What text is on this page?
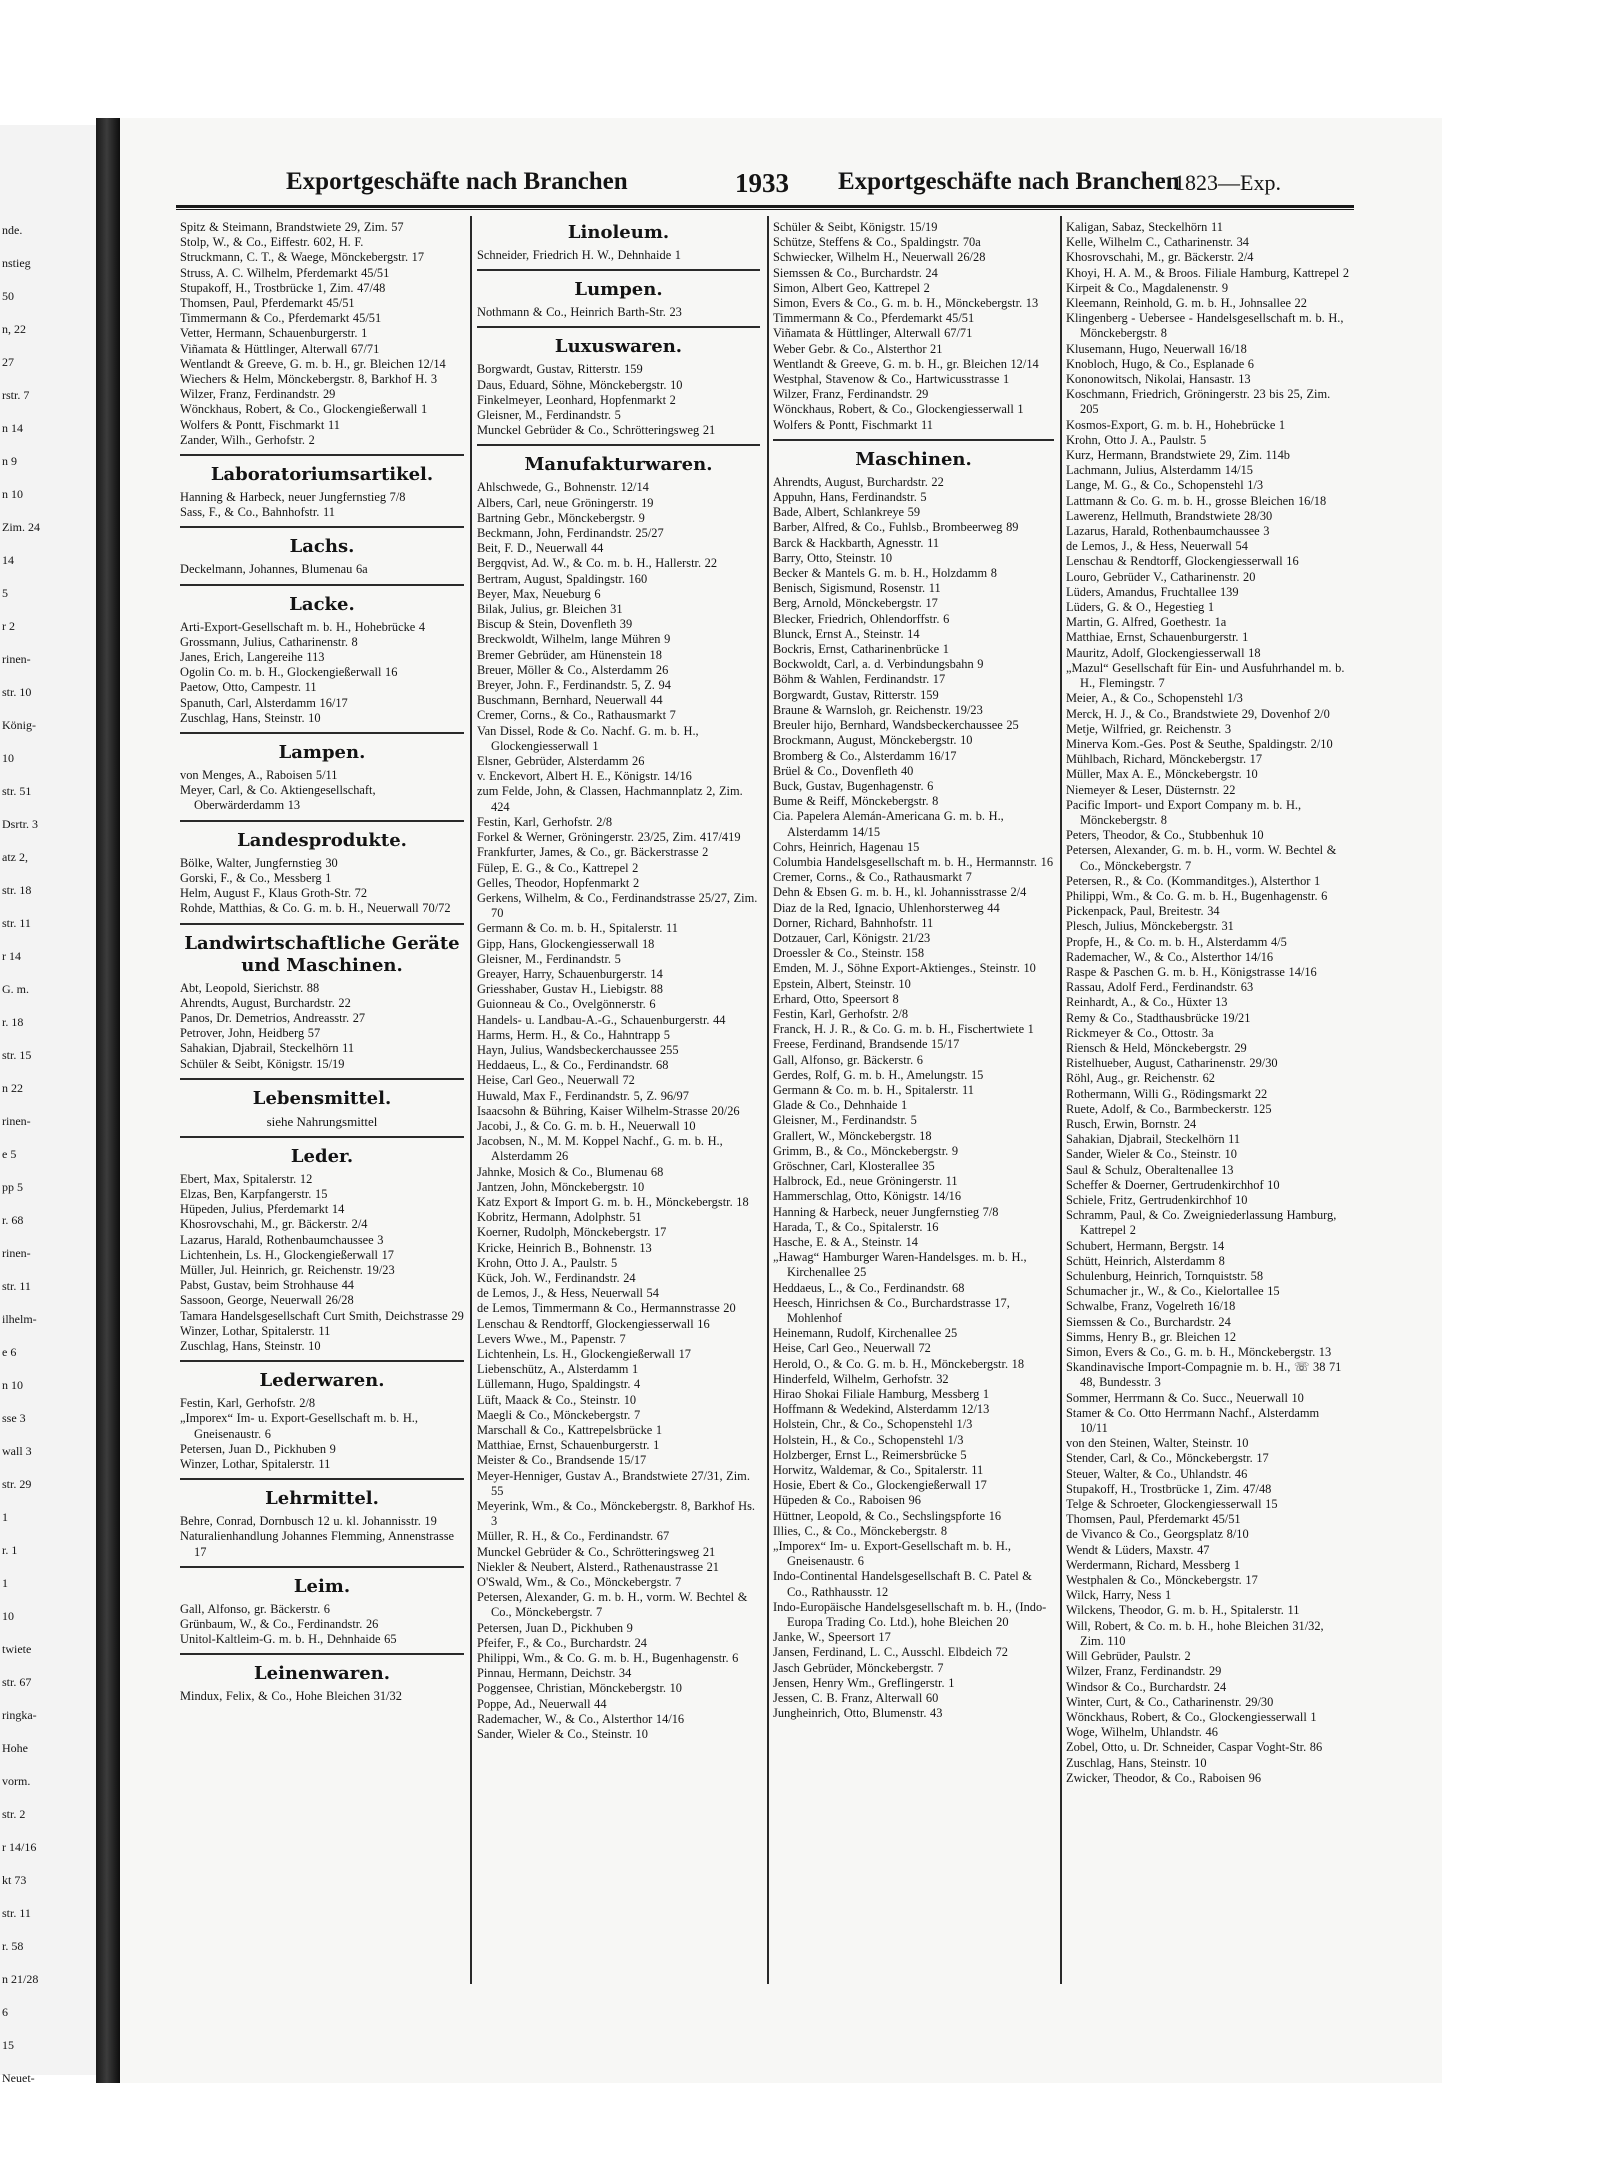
nde.
nstieg
50
n, 22
27
rstr. 7
n 14
n 9
n 10
Zim. 24
14
5
r 2
rinen-
str. 10
König-
10
str. 51
Dsrtr. 3
atz 2,
str. 18
str. 11
r 14
G. m.
r. 18
str. 15
n 22
rinen-
e 5
pp 5
r. 68
rinen-
str. 11
ilhelm-
e 6
n 10
sse 3
wall 3
str. 29
1
r. 1
1
10
twiete
str. 67
ringka-
Hohe
vorm.
str. 2
r 14/16
kt 73
str. 11
r. 58
n 21/28
6
15
Neuet-
Exportgeschäfte nach Branchen	1933 Exportgeschäfte nach Branchen
1823—Exp.
Spitz & Steimann, Brandstwiete 29, Zim. 57
Stolp, W., & Co., Eiffestr. 602, H. F.
Struckmann, C. T., & Waege, Mönckebergstr. 17
Struss, A. C. Wilhelm, Pferdemarkt 45/51
Stupakoff, H., Trostbrücke 1, Zim. 47/48
Thomsen, Paul, Pferdemarkt 45/51
Timmermann & Co., Pferdemarkt 45/51
Vetter, Hermann, Schauenburgerstr. 1
Viñamata & Hüttlinger, Alterwall 67/71
Wentlandt & Greeve, G. m. b. H., gr. Bleichen 12/14
Wiechers & Helm, Mönckebergstr. 8, Barkhof H. 3
Wilzer, Franz, Ferdinandstr. 29
Wönckhaus, Robert, & Co., Glockengießerwall 1
Wolfers & Pontt, Fischmarkt 11
Zander, Wilh., Gerhofstr. 2
Laboratoriumsartikel.
Hanning & Harbeck, neuer Jungfernstieg 7/8
Sass, F., & Co., Bahnhofstr. 11
Lachs.
Deckelmann, Johannes, Blumenau 6a
Lacke.
Arti-Export-Gesellschaft m. b. H., Hohebrücke 4
Grossmann, Julius, Catharinenstr. 8
Janes, Erich, Langereihe 113
Ogolin Co. m. b. H., Glockengießerwall 16
Paetow, Otto, Campestr. 11
Spanuth, Carl, Alsterdamm 16/17
Zuschlag, Hans, Steinstr. 10
Lampen.
von Menges, A., Raboisen 5/11
Meyer, Carl, & Co. Aktiengesellschaft, Oberwärderdamm 13
Landesprodukte.
Bölke, Walter, Jungfernstieg 30
Gorski, F., & Co., Messberg 1
Helm, August F., Klaus Groth-Str. 72
Rohde, Matthias, & Co. G. m. b. H., Neuerwall 70/72
Landwirtschaftliche Geräte und Maschinen.
Abt, Leopold, Sierichstr. 88
Ahrendts, August, Burchardstr. 22
Panos, Dr. Demetrios, Andreasstr. 27
Petrover, John, Heidberg 57
Sahakian, Djabrail, Steckelhörn 11
Schüler & Seibt, Königstr. 15/19
Lebensmittel.
siehe Nahrungsmittel
Leder.
Ebert, Max, Spitalerstr. 12
Elzas, Ben, Karpfangerstr. 15
Hüpeden, Julius, Pferdemarkt 14
Khosrovschahi, M., gr. Bäckerstr. 2/4
Lazarus, Harald, Rothenbaumchaussee 3
Lichtenhein, Ls. H., Glockengießerwall 17
Müller, Jul. Heinrich, gr. Reichenstr. 19/23
Pabst, Gustav, beim Strohhause 44
Sassoon, George, Neuerwall 26/28
Tamara Handelsgesellschaft Curt Smith, Deichstrasse 29
Winzer, Lothar, Spitalerstr. 11
Zuschlag, Hans, Steinstr. 10
Lederwaren.
Festin, Karl, Gerhofstr. 2/8
„Imporex“ Im- u. Export-Gesellschaft m. b. H., Gneisenaustr. 6
Petersen, Juan D., Pickhuben 9
Winzer, Lothar, Spitalerstr. 11
Lehrmittel.
Behre, Conrad, Dornbusch 12 u. kl. Johannisstr. 19
Naturalienhandlung Johannes Flemming, Annenstrasse 17
Leim.
Gall, Alfonso, gr. Bäckerstr. 6
Grünbaum, W., & Co., Ferdinandstr. 26
Unitol-Kaltleim-G. m. b. H., Dehnhaide 65
Leinenwaren.
Mindux, Felix, & Co., Hohe Bleichen 31/32
Linoleum.
Schneider, Friedrich H. W., Dehnhaide 1
Lumpen.
Nothmann & Co., Heinrich Barth-Str. 23
Luxuswaren.
Borgwardt, Gustav, Ritterstr. 159
Daus, Eduard, Söhne, Mönckebergstr. 10
Finkelmeyer, Leonhard, Hopfenmarkt 2
Gleisner, M., Ferdinandstr. 5
Munckel Gebrüder & Co., Schrötteringsweg 21
Manufakturwaren.
Ahlschwede, G., Bohnenstr. 12/14
Albers, Carl, neue Gröningerstr. 19
Bartning Gebr., Mönckebergstr. 9
Beckmann, John, Ferdinandstr. 25/27
Beit, F. D., Neuerwall 44
Bergqvist, Ad. W., & Co. m. b. H., Hallerstr. 22
Bertram, August, Spaldingstr. 160
Beyer, Max, Neueburg 6
Bilak, Julius, gr. Bleichen 31
Biscup & Stein, Dovenfleth 39
Breckwoldt, Wilhelm, lange Mühren 9
Bremer Gebrüder, am Hünenstein 18
Breuer, Möller & Co., Alsterdamm 26
Breyer, John. F., Ferdinandstr. 5, Z. 94
Buschmann, Bernhard, Neuerwall 44
Cremer, Corns., & Co., Rathausmarkt 7
Van Dissel, Rode & Co. Nachf. G. m. b. H., Glockengiesserwall 1
Elsner, Gebrüder, Alsterdamm 26
v. Enckevort, Albert H. E., Königstr. 14/16
zum Felde, John, & Classen, Hachmannplatz 2, Zim. 424
Festin, Karl, Gerhofstr. 2/8
Forkel & Werner, Gröningerstr. 23/25, Zim. 417/419
Frankfurter, James, & Co., gr. Bäckerstrasse 2
Fülep, E. G., & Co., Kattrepel 2
Gelles, Theodor, Hopfenmarkt 2
Gerkens, Wilhelm, & Co., Ferdinandstrasse 25/27, Zim. 70
Germann & Co. m. b. H., Spitalerstr. 11
Gipp, Hans, Glockengiesserwall 18
Gleisner, M., Ferdinandstr. 5
Greayer, Harry, Schauenburgerstr. 14
Griesshaber, Gustav H., Liebigstr. 88
Guionneau & Co., Ovelgönnerstr. 6
Handels- u. Landbau-A.-G., Schauenburgerstr. 44
Harms, Herm. H., & Co., Hahntrapp 5
Hayn, Julius, Wandsbeckerchaussee 255
Heddaeus, L., & Co., Ferdinandstr. 68
Heise, Carl Geo., Neuerwall 72
Huwald, Max F., Ferdinandstr. 5, Z. 96/97
Isaacsohn & Bühring, Kaiser Wilhelm-Strasse 20/26
Jacobi, J., & Co. G. m. b. H., Neuerwall 10
Jacobsen, N., M. M. Koppel Nachf., G. m. b. H., Alsterdamm 26
Jahnke, Mosich & Co., Blumenau 68
Jantzen, John, Mönckebergstr. 10
Katz Export & Import G. m. b. H., Mönckebergstr. 18
Kobritz, Hermann, Adolphstr. 51
Koerner, Rudolph, Mönckebergstr. 17
Kricke, Heinrich B., Bohnenstr. 13
Krohn, Otto J. A., Paulstr. 5
Kück, Joh. W., Ferdinandstr. 24
de Lemos, J., & Hess, Neuerwall 54
de Lemos, Timmermann & Co., Hermannstrasse 20
Lenschau & Rendtorff, Glockengiesserwall 16
Levers Wwe., M., Papenstr. 7
Lichtenhein, Ls. H., Glockengießerwall 17
Liebenschütz, A., Alsterdamm 1
Lüllemann, Hugo, Spaldingstr. 4
Lüft, Maack & Co., Steinstr. 10
Maegli & Co., Mönckebergstr. 7
Marschall & Co., Kattrepelsbrücke 1
Matthiae, Ernst, Schauenburgerstr. 1
Meister & Co., Brandsende 15/17
Meyer-Henniger, Gustav A., Brandstwiete 27/31, Zim. 55
Meyerink, Wm., & Co., Mönckebergstr. 8, Barkhof Hs. 3
Müller, R. H., & Co., Ferdinandstr. 67
Munckel Gebrüder & Co., Schrötteringsweg 21
Niekler & Neubert, Alsterd., Rathenaustrasse 21
O'Swald, Wm., & Co., Mönckebergstr. 7
Petersen, Alexander, G. m. b. H., vorm. W. Bechtel & Co., Mönckebergstr. 7
Petersen, Juan D., Pickhuben 9
Pfeifer, F., & Co., Burchardstr. 24
Philippi, Wm., & Co. G. m. b. H., Bugenhagenstr. 6
Pinnau, Hermann, Deichstr. 34
Poggensee, Christian, Mönckebergstr. 10
Poppe, Ad., Neuerwall 44
Rademacher, W., & Co., Alsterthor 14/16
Sander, Wieler & Co., Steinstr. 10
Schüler & Seibt, Königstr. 15/19
Schütze, Steffens & Co., Spaldingstr. 70a
Schwiecker, Wilhelm H., Neuerwall 26/28
Siemssen & Co., Burchardstr. 24
Simon, Albert Geo, Kattrepel 2
Simon, Evers & Co., G. m. b. H., Mönckebergstr. 13
Timmermann & Co., Pferdemarkt 45/51
Viñamata & Hüttlinger, Alterwall 67/71
Weber Gebr. & Co., Alsterthor 21
Wentlandt & Greeve, G. m. b. H., gr. Bleichen 12/14
Westphal, Stavenow & Co., Hartwicusstrasse 1
Wilzer, Franz, Ferdinandstr. 29
Wönckhaus, Robert, & Co., Glockengiesserwall 1
Wolfers & Pontt, Fischmarkt 11
Maschinen.
Ahrendts, August, Burchardstr. 22
Appuhn, Hans, Ferdinandstr. 5
Bade, Albert, Schlankreye 59
Barber, Alfred, & Co., Fuhlsb., Brombeerweg 89
Barck & Hackbarth, Agnesstr. 11
Barry, Otto, Steinstr. 10
Becker & Mantels G. m. b. H., Holzdamm 8
Benisch, Sigismund, Rosenstr. 11
Berg, Arnold, Mönckebergstr. 17
Blecker, Friedrich, Ohlendorffstr. 6
Blunck, Ernst A., Steinstr. 14
Bockris, Ernst, Catharinenbrücke 1
Bockwoldt, Carl, a. d. Verbindungsbahn 9
Böhm & Wahlen, Ferdinandstr. 17
Borgwardt, Gustav, Ritterstr. 159
Braune & Warnsloh, gr. Reichenstr. 19/23
Breuler hijo, Bernhard, Wandsbeckerchaussee 25
Brockmann, August, Mönckebergstr. 10
Bromberg & Co., Alsterdamm 16/17
Brüel & Co., Dovenfleth 40
Buck, Gustav, Bugenhagenstr. 6
Bume & Reiff, Mönckebergstr. 8
Cia. Papelera Alemán-Americana G. m. b. H., Alsterdamm 14/15
Cohrs, Heinrich, Hagenau 15
Columbia Handelsgesellschaft m. b. H., Hermannstr. 16
Cremer, Corns., & Co., Rathausmarkt 7
Dehn & Ebsen G. m. b. H., kl. Johannisstrasse 2/4
Diaz de la Red, Ignacio, Uhlenhorsterweg 44
Dorner, Richard, Bahnhofstr. 11
Dotzauer, Carl, Königstr. 21/23
Droessler & Co., Steinstr. 158
Emden, M. J., Söhne Export-Aktienges., Steinstr. 10
Epstein, Albert, Steinstr. 10
Erhard, Otto, Speersort 8
Festin, Karl, Gerhofstr. 2/8
Franck, H. J. R., & Co. G. m. b. H., Fischertwiete 1
Freese, Ferdinand, Brandsende 15/17
Gall, Alfonso, gr. Bäckerstr. 6
Gerdes, Rolf, G. m. b. H., Amelungstr. 15
Germann & Co. m. b. H., Spitalerstr. 11
Glade & Co., Dehnhaide 1
Gleisner, M., Ferdinandstr. 5
Grallert, W., Mönckebergstr. 18
Grimm, B., & Co., Mönckebergstr. 9
Gröschner, Carl, Klosterallee 35
Halbrock, Ed., neue Gröningerstr. 11
Hammerschlag, Otto, Königstr. 14/16
Hanning & Harbeck, neuer Jungfernstieg 7/8
Harada, T., & Co., Spitalerstr. 16
Hasche, E. & A., Steinstr. 14
„Hawag“ Hamburger Waren-Handelsges. m. b. H., Kirchenallee 25
Heddaeus, L., & Co., Ferdinandstr. 68
Heesch, Hinrichsen & Co., Burchardstrasse 17, Mohlenhof
Heinemann, Rudolf, Kirchenallee 25
Heise, Carl Geo., Neuerwall 72
Herold, O., & Co. G. m. b. H., Mönckebergstr. 18
Hinderfeld, Wilhelm, Gerhofstr. 32
Hirao Shokai Filiale Hamburg, Messberg 1
Hoffmann & Wedekind, Alsterdamm 12/13
Holstein, Chr., & Co., Schopenstehl 1/3
Holstein, H., & Co., Schopenstehl 1/3
Holzberger, Ernst L., Reimersbrücke 5
Horwitz, Waldemar, & Co., Spitalerstr. 11
Hosie, Ebert & Co., Glockengießerwall 17
Hüpeden & Co., Raboisen 96
Hüttner, Leopold, & Co., Sechslingspforte 16
Illies, C., & Co., Mönckebergstr. 8
„Imporex“ Im- u. Export-Gesellschaft m. b. H., Gneisenaustr. 6
Indo-Continental Handelsgesellschaft B. C. Patel & Co., Rathhausstr. 12
Indo-Europäische Handelsgesellschaft m. b. H., (Indo-Europa Trading Co. Ltd.), hohe Bleichen 20
Janke, W., Speersort 17
Jansen, Ferdinand, L. C., Ausschl. Elbdeich 72
Jasch Gebrüder, Mönckebergstr. 7
Jensen, Henry Wm., Greflingerstr. 1
Jessen, C. B. Franz, Alterwall 60
Jungheinrich, Otto, Blumenstr. 43
Kaligan, Sabaz, Steckelhörn 11
Kelle, Wilhelm C., Catharinenstr. 34
Khosrovschahi, M., gr. Bäckerstr. 2/4
Khoyi, H. A. M., & Broos. Filiale Hamburg, Kattrepel 2
Kirpeit & Co., Magdalenenstr. 9
Kleemann, Reinhold, G. m. b. H., Johnsallee 22
Klingenberg - Uebersee - Handelsgesellschaft m. b. H., Mönckebergstr. 8
Klusemann, Hugo, Neuerwall 16/18
Knobloch, Hugo, & Co., Esplanade 6
Kononowitsch, Nikolai, Hansastr. 13
Koschmann, Friedrich, Gröningerstr. 23 bis 25, Zim. 205
Kosmos-Export, G. m. b. H., Hohebrücke 1
Krohn, Otto J. A., Paulstr. 5
Kurz, Hermann, Brandstwiete 29, Zim. 114b
Lachmann, Julius, Alsterdamm 14/15
Lange, M. G., & Co., Schopenstehl 1/3
Lattmann & Co. G. m. b. H., grosse Bleichen 16/18
Lawerenz, Hellmuth, Brandstwiete 28/30
Lazarus, Harald, Rothenbaumchaussee 3
de Lemos, J., & Hess, Neuerwall 54
Lenschau & Rendtorff, Glockengiesserwall 16
Louro, Gebrüder V., Catharinenstr. 20
Lüders, Amandus, Fruchtallee 139
Lüders, G. & O., Hegestieg 1
Martin, G. Alfred, Goethestr. 1a
Matthiae, Ernst, Schauenburgerstr. 1
Mauritz, Adolf, Glockengiesserwall 18
„Mazul“ Gesellschaft für Ein- und Ausfuhrhandel m. b. H., Flemingstr. 7
Meier, A., & Co., Schopenstehl 1/3
Merck, H. J., & Co., Brandstwiete 29, Dovenhof 2/0
Metje, Wilfried, gr. Reichenstr. 3
Minerva Kom.-Ges. Post & Seuthe, Spaldingstr. 2/10
Mühlbach, Richard, Mönckebergstr. 17
Müller, Max A. E., Mönckebergstr. 10
Niemeyer & Leser, Düsternstr. 22
Pacific Import- und Export Company m. b. H., Mönckebergstr. 8
Peters, Theodor, & Co., Stubbenhuk 10
Petersen, Alexander, G. m. b. H., vorm. W. Bechtel & Co., Mönckebergstr. 7
Petersen, R., & Co. (Kommanditges.), Alsterthor 1
Philippi, Wm., & Co. G. m. b. H., Bugenhagenstr. 6
Pickenpack, Paul, Breitestr. 34
Plesch, Julius, Mönckebergstr. 31
Propfe, H., & Co. m. b. H., Alsterdamm 4/5
Rademacher, W., & Co., Alsterthor 14/16
Raspe & Paschen G. m. b. H., Königstrasse 14/16
Rassau, Adolf Ferd., Ferdinandstr. 63
Reinhardt, A., & Co., Hüxter 13
Remy & Co., Stadthausbrücke 19/21
Rickmeyer & Co., Ottostr. 3a
Riensch & Held, Mönckebergstr. 29
Ristelhueber, August, Catharinenstr. 29/30
Röhl, Aug., gr. Reichenstr. 62
Rothermann, Willi G., Rödingsmarkt 22
Ruete, Adolf, & Co., Barmbeckerstr. 125
Rusch, Erwin, Bornstr. 24
Sahakian, Djabrail, Steckelhörn 11
Sander, Wieler & Co., Steinstr. 10
Saul & Schulz, Oberaltenallee 13
Scheffer & Doerner, Gertrudenkirchhof 10
Schiele, Fritz, Gertrudenkirchhof 10
Schramm, Paul, & Co. Zweigniederlassung Hamburg, Kattrepel 2
Schubert, Hermann, Bergstr. 14
Schütt, Heinrich, Alsterdamm 8
Schulenburg, Heinrich, Tornquiststr. 58
Schumacher jr., W., & Co., Kielortallee 15
Schwalbe, Franz, Vogelreth 16/18
Siemssen & Co., Burchardstr. 24
Simms, Henry B., gr. Bleichen 12
Simon, Evers & Co., G. m. b. H., Mönckebergstr. 13
Skandinavische Import-Compagnie m. b. H., ☏ 38 71 48, Bundesstr. 3
Sommer, Herrmann & Co. Succ., Neuerwall 10
Stamer & Co. Otto Herrmann Nachf., Alsterdamm 10/11
von den Steinen, Walter, Steinstr. 10
Stender, Carl, & Co., Mönckebergstr. 17
Steuer, Walter, & Co., Uhlandstr. 46
Stupakoff, H., Trostbrücke 1, Zim. 47/48
Telge & Schroeter, Glockengiesserwall 15
Thomsen, Paul, Pferdemarkt 45/51
de Vivanco & Co., Georgsplatz 8/10
Wendt & Lüders, Maxstr. 47
Werdermann, Richard, Messberg 1
Westphalen & Co., Mönckebergstr. 17
Wilck, Harry, Ness 1
Wilckens, Theodor, G. m. b. H., Spitalerstr. 11
Will, Robert, & Co. m. b. H., hohe Bleichen 31/32, Zim. 110
Will Gebrüder, Paulstr. 2
Wilzer, Franz, Ferdinandstr. 29
Windsor & Co., Burchardstr. 24
Winter, Curt, & Co., Catharinenstr. 29/30
Wönckhaus, Robert, & Co., Glockengiesserwall 1
Woge, Wilhelm, Uhlandstr. 46
Zobel, Otto, u. Dr. Schneider, Caspar Voght-Str. 86
Zuschlag, Hans, Steinstr. 10
Zwicker, Theodor, & Co., Raboisen 96
